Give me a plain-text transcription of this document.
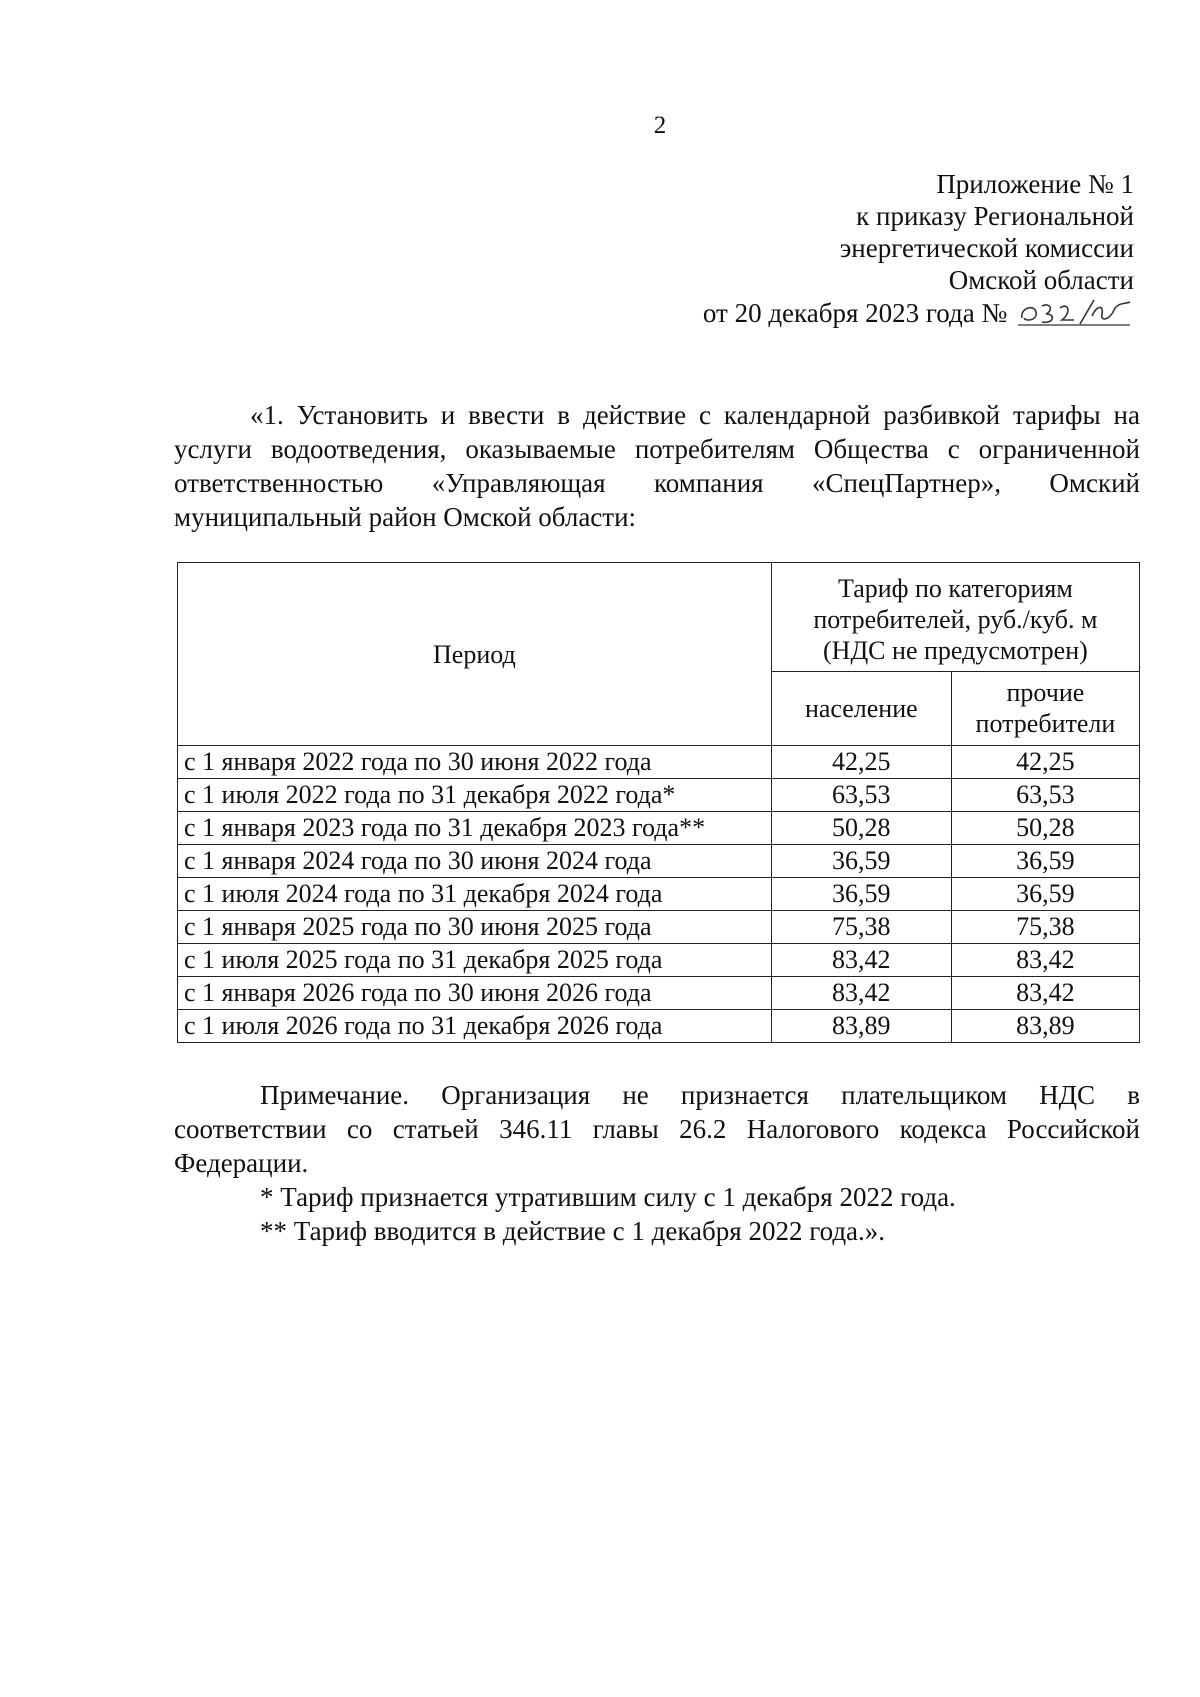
2
Приложение № 1
к приказу Региональной
энергетической комиссии
Омской области
от 20 декабря 2023 года №
«1. Установить и ввести в действие с календарной разбивкой тарифы на услуги водоотведения, оказываемые потребителям Общества с ограниченной ответственностью «Управляющая компания «СпецПартнер», Омский муниципальный район Омской области:
Период	Тариф по категориям потребителей, руб./куб. м (НДС не предусмотрен)	
	население	прочие потребители
с 1 января 2022 года по 30 июня 2022 года	42,25	42,25
с 1 июля 2022 года по 31 декабря 2022 года*	63,53	63,53
с 1 января 2023 года по 31 декабря 2023 года**	50,28	50,28
с 1 января 2024 года по 30 июня 2024 года	36,59	36,59
с 1 июля 2024 года по 31 декабря 2024 года	36,59	36,59
с 1 января 2025 года по 30 июня 2025 года	75,38	75,38
с 1 июля 2025 года по 31 декабря 2025 года	83,42	83,42
с 1 января 2026 года по 30 июня 2026 года	83,42	83,42
с 1 июля 2026 года по 31 декабря 2026 года	83,89	83,89
Примечание. Организация не признается плательщиком НДС в соответствии со статьей 346.11 главы 26.2 Налогового кодекса Российской Федерации.
* Тариф признается утратившим силу с 1 декабря 2022 года.
** Тариф вводится в действие с 1 декабря 2022 года.».
